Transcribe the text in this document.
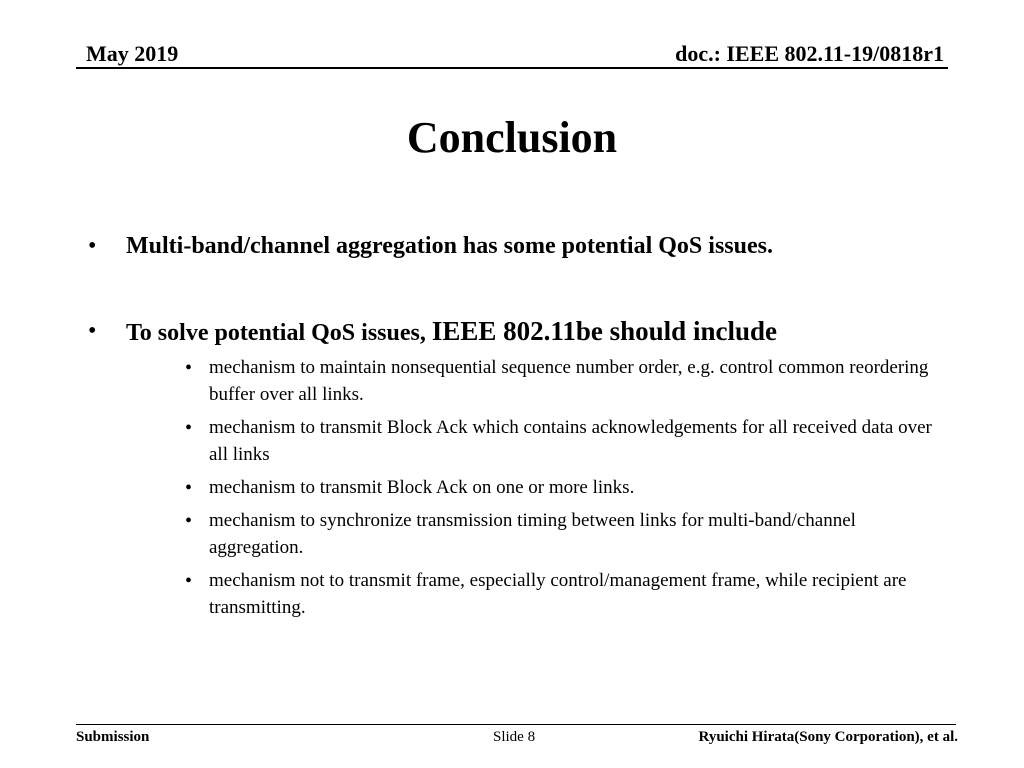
May 2019	doc.: IEEE 802.11-19/0818r1
Conclusion
• Multi-band/channel aggregation has some potential QoS issues.
• To solve potential QoS issues, IEEE 802.11be should include
• mechanism to maintain nonsequential sequence number order, e.g. control common reordering buffer over all links.
• mechanism to transmit Block Ack which contains acknowledgements for all received data over all links
• mechanism to transmit Block Ack on one or more links.
• mechanism to synchronize transmission timing between links for multi-band/channel aggregation.
• mechanism not to transmit frame, especially control/management frame, while recipient are transmitting.
Submission	Slide 8	Ryuichi Hirata(Sony Corporation), et al.
